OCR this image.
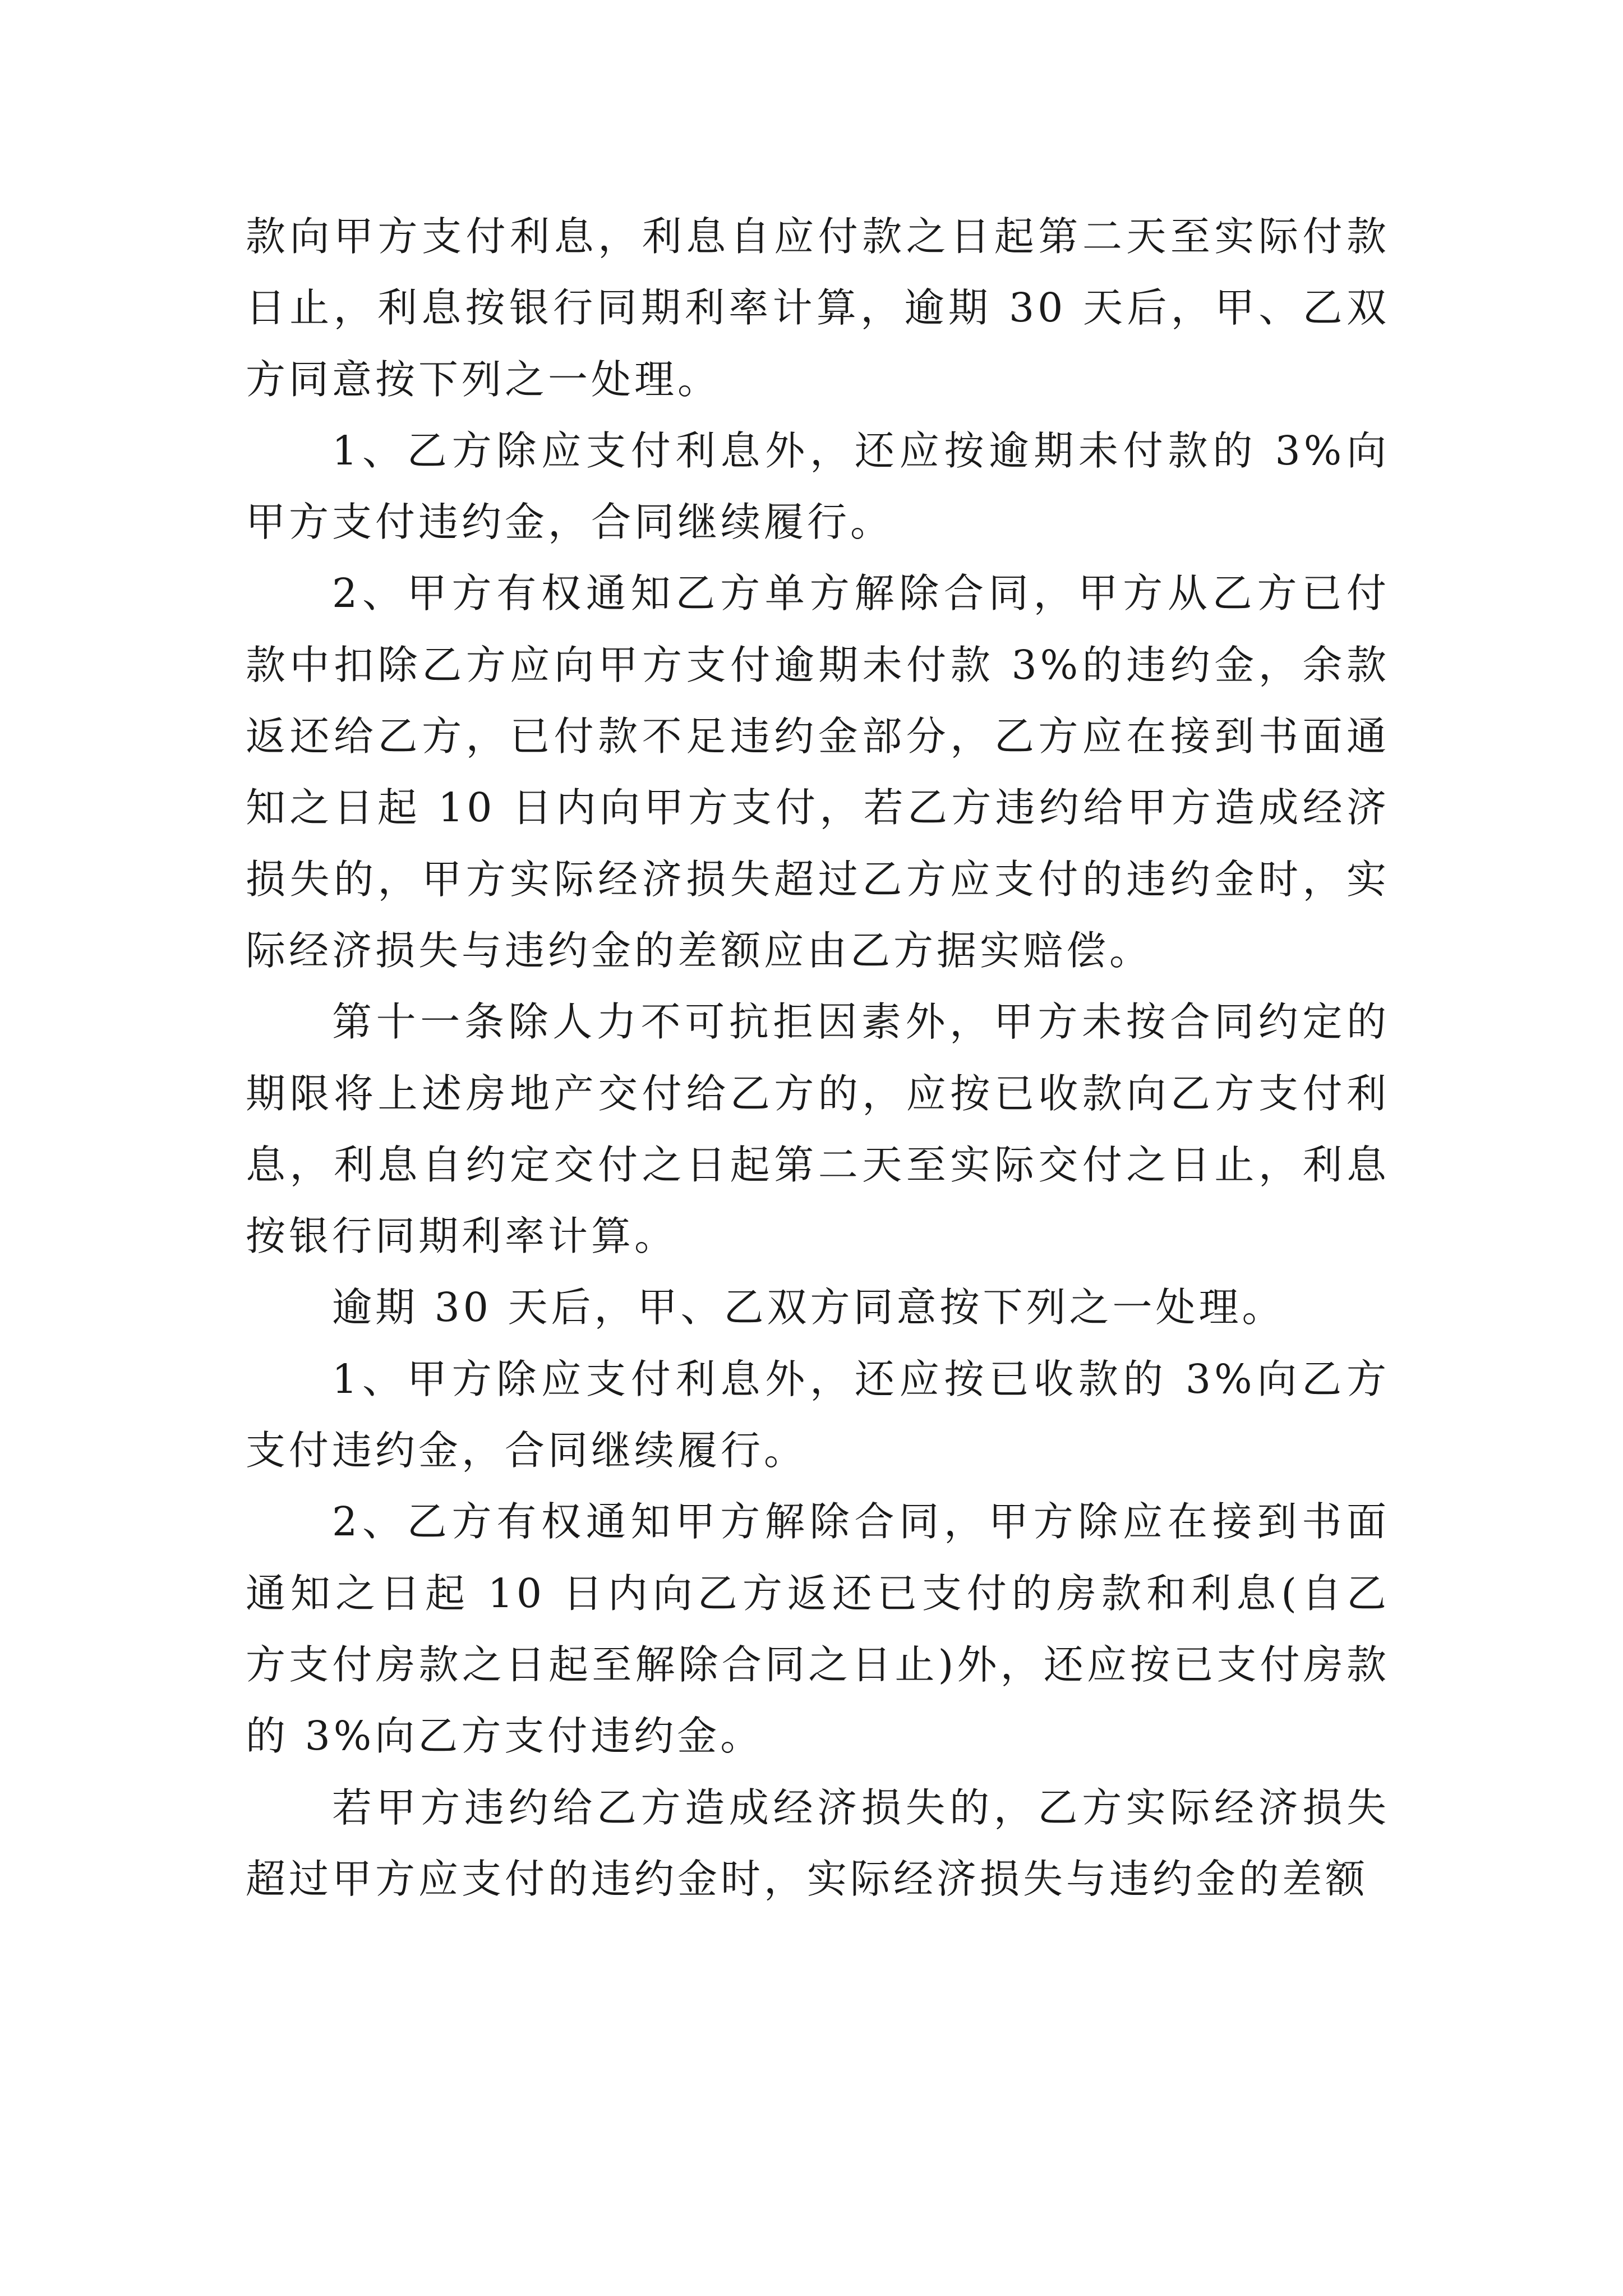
款向甲方支付利息，利息自应付款之日起第二天至实际付款日止，利息按银行同期利率计算，逾期 30 天后，甲、乙双方同意按下列之一处理。

1、乙方除应支付利息外，还应按逾期未付款的 3%向甲方支付违约金，合同继续履行。

2、甲方有权通知乙方单方解除合同，甲方从乙方已付款中扣除乙方应向甲方支付逾期未付款 3%的违约金，余款返还给乙方，已付款不足违约金部分，乙方应在接到书面通知之日起 10 日内向甲方支付，若乙方违约给甲方造成经济损失的，甲方实际经济损失超过乙方应支付的违约金时，实际经济损失与违约金的差额应由乙方据实赔偿。

第十一条除人力不可抗拒因素外，甲方未按合同约定的期限将上述房地产交付给乙方的，应按已收款向乙方支付利息，利息自约定交付之日起第二天至实际交付之日止，利息按银行同期利率计算。

逾期 30 天后，甲、乙双方同意按下列之一处理。

1、甲方除应支付利息外，还应按已收款的 3%向乙方支付违约金，合同继续履行。

2、乙方有权通知甲方解除合同，甲方除应在接到书面通知之日起 10 日内向乙方返还已支付的房款和利息(自乙方支付房款之日起至解除合同之日止)外，还应按已支付房款的 3%向乙方支付违约金。

若甲方违约给乙方造成经济损失的，乙方实际经济损失超过甲方应支付的违约金时，实际经济损失与违约金的差额
